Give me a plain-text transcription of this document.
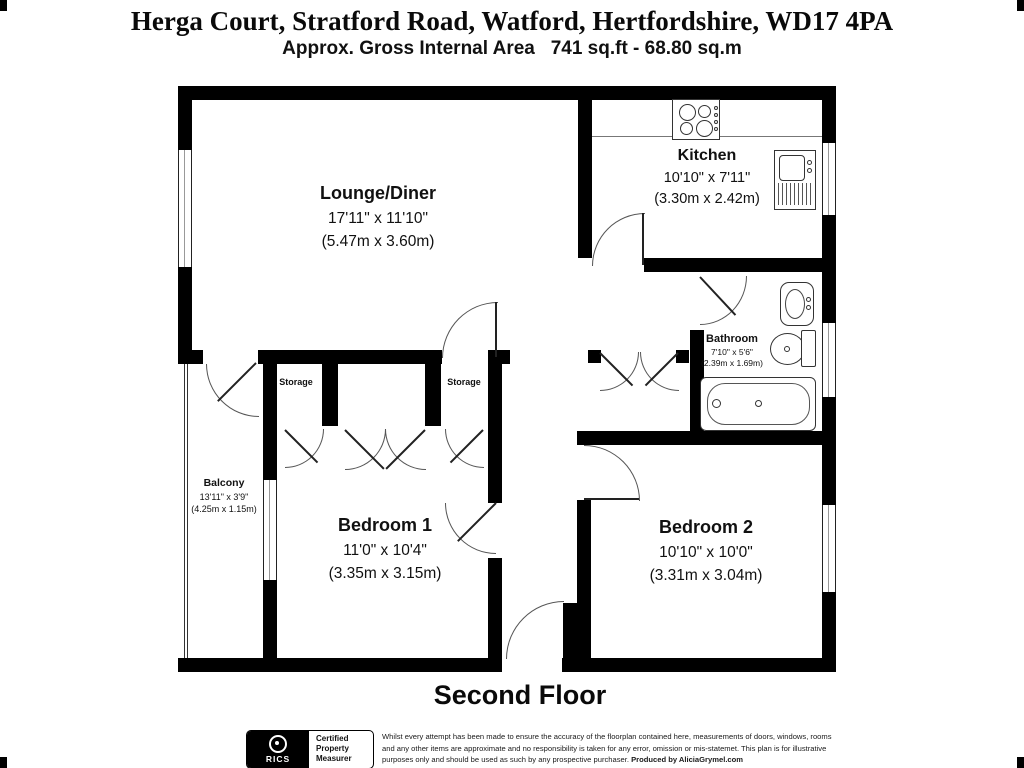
Herga Court, Stratford Road, Watford, Hertfordshire, WD17 4PA
Approx. Gross Internal Area   741 sq.ft - 68.80 sq.m
Lounge/Diner
17'11" x 11'10"
(5.47m x 3.60m)
Kitchen
10'10" x 7'11"
(3.30m x 2.42m)
Bathroom
7'10" x 5'6"
(2.39m x 1.69m)
Storage	Storage
Balcony
13'11" x 3'9"
(4.25m x 1.15m)
Bedroom 1
11'0" x 10'4"
(3.35m x 3.15m)
Bedroom 2
10'10" x 10'0"
(3.31m x 3.04m)
Second Floor
RICS
Certified
Property
Measurer
Whilst every attempt has been made to ensure the accuracy of the floorplan contained here, measurements of doors, windows, rooms
and any other items are approximate and no responsibility is taken for any error, omission or mis-statemet. This plan is for illustrative
purposes only and should be used as such by any prospective purchaser. Produced by AliciaGrymel.com
